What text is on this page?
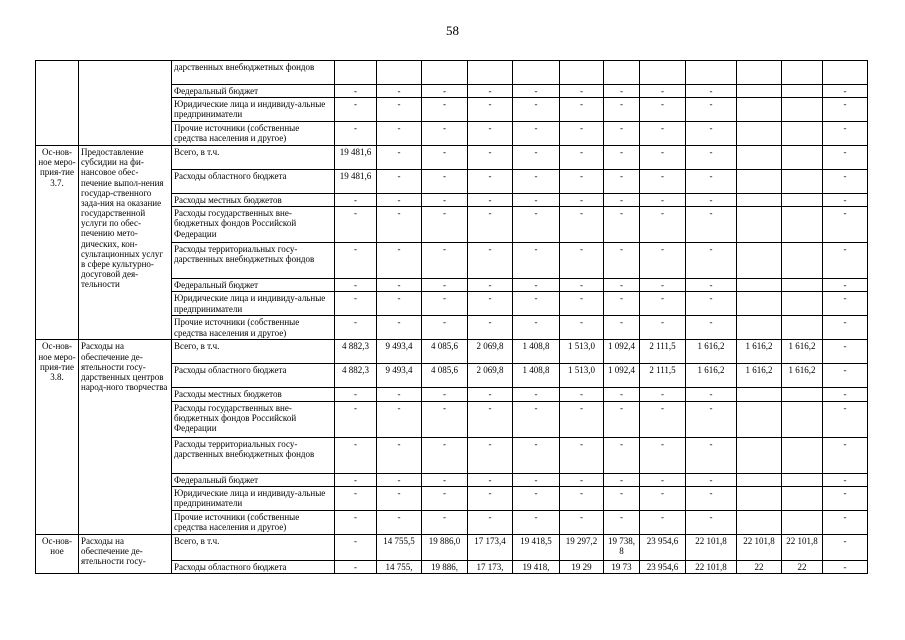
58
		дарственных внебюджетных фондов												
		Федеральный бюджет	-	-	-	-	-	-	-	-	-			-
		Юридические лица и индивиду-альные предприниматели	-	-	-	-	-	-	-	-	-			-
		Прочие источники (собственные средства населения и другое)	-	-	-	-	-	-	-	-	-			-
Ос-нов-ное меро-прия-тие 3.7.	Предоставление субсидии на фи-нансовое обес-печение выпол-нения государ-ственного зада-ния на оказание государственной услуги по обес-печению мето-дических, кон-сультационных услуг в сфере культурно-досуговой дея-тельности	Всего, в т.ч.	19 481,6	-	-	-	-	-	-	-	-			-
		Расходы областного бюджета	19 481,6	-	-	-	-	-	-	-	-			-
		Расходы местных бюджетов	-	-	-	-	-	-	-	-	-			-
		Расходы государственных вне-бюджетных фондов Российской Федерации	-	-	-	-	-	-	-	-	-			-
		Расходы территориальных госу-дарственных внебюджетных фондов	-	-	-	-	-	-	-	-	-			-
		Федеральный бюджет	-	-	-	-	-	-	-	-	-			-
		Юридические лица и индивиду-альные предприниматели	-	-	-	-	-	-	-	-	-			-
		Прочие источники (собственные средства населения и другое)	-	-	-	-	-	-	-	-	-			-
Ос-нов-ное меро-прия-тие 3.8.	Расходы на обеспечение де-ятельности госу-дарственных центров народ-ного творчества	Всего, в т.ч.	4 882,3	9 493,4	4 085,6	2 069,8	1 408,8	1 513,0	1 092,4	2 111,5	1 616,2	1 616,2	1 616,2	-
		Расходы областного бюджета	4 882,3	9 493,4	4 085,6	2 069,8	1 408,8	1 513,0	1 092,4	2 111,5	1 616,2	1 616,2	1 616,2	-
		Расходы местных бюджетов	-	-	-	-	-	-	-	-	-			-
		Расходы государственных вне-бюджетных фондов Российской Федерации	-	-	-	-	-	-	-	-	-			-
		Расходы территориальных госу-дарственных внебюджетных фондов	-	-	-	-	-	-	-	-	-			-
		Федеральный бюджет	-	-	-	-	-	-	-	-	-			-
		Юридические лица и индивиду-альные предприниматели	-	-	-	-	-	-	-	-	-			-
		Прочие источники (собственные средства населения и другое)	-	-	-	-	-	-	-	-	-			-
Ос-нов-ное	Расходы на обеспечение де-ятельности госу-	Всего, в т.ч.	-	14 755,5	19 886,0	17 173,4	19 418,5	19 297,2	19 738,8	23 954,6	22 101,8	22 101,8	22 101,8	-
		Расходы областного бюджета	-	14 755,	19 886,	17 173,	19 418,	19 29	19 73	23 954,6	22 101,8	22	22	-
